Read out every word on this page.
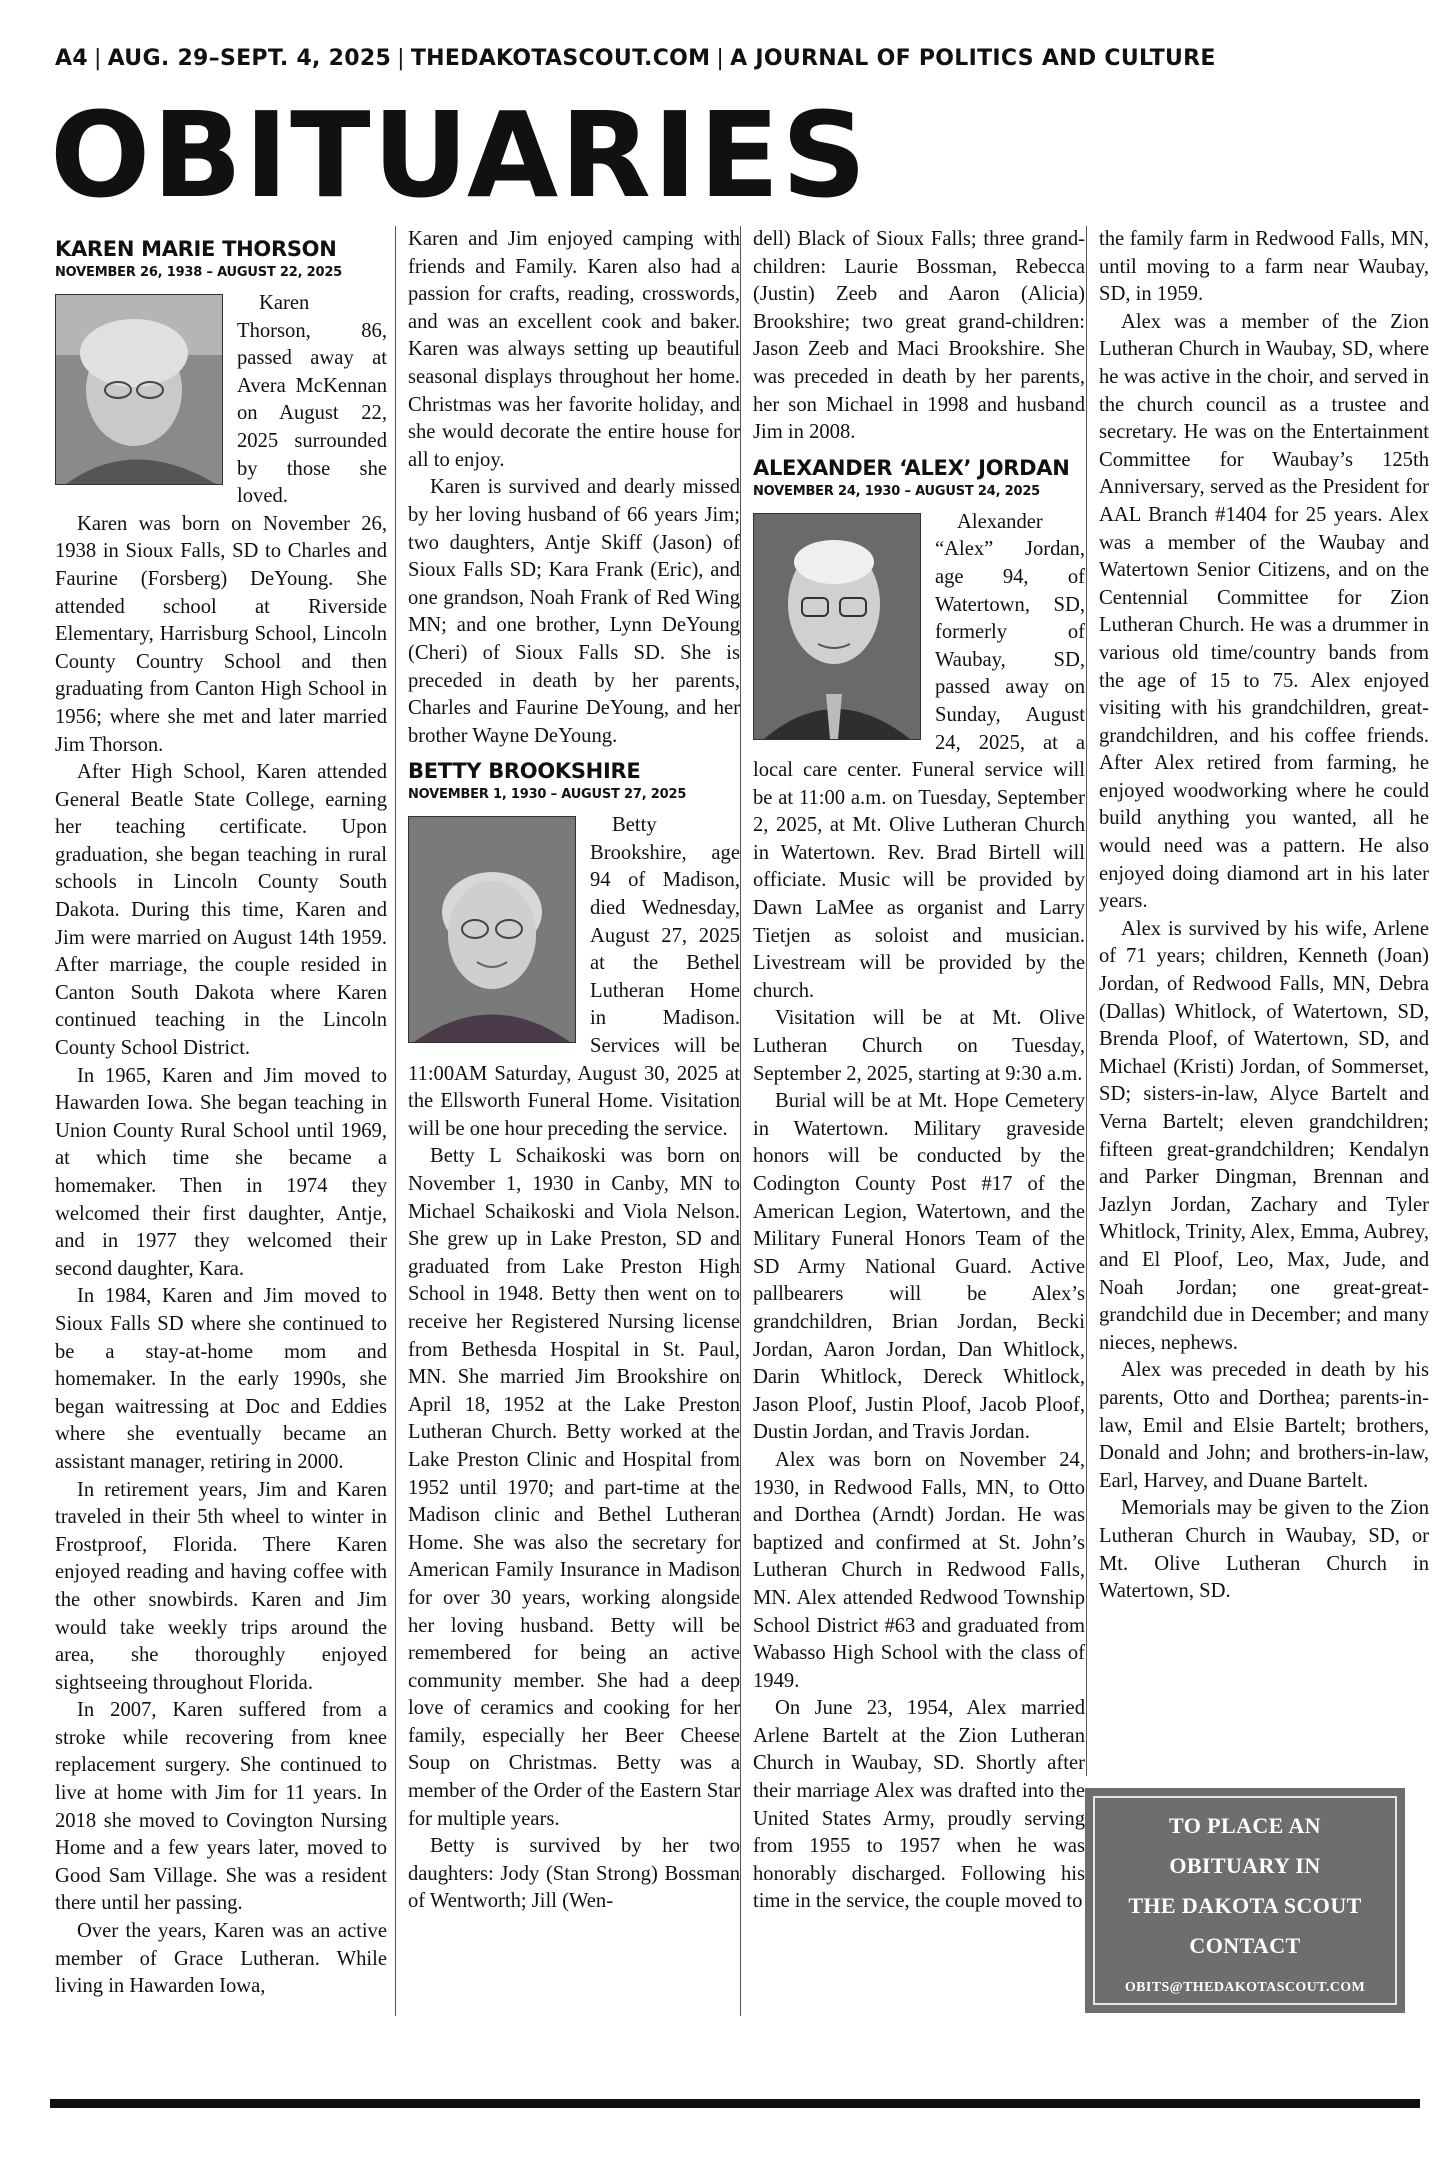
A4 | AUG. 29–SEPT. 4, 2025 | THEDAKOTASCOUT.COM | A JOURNAL OF POLITICS AND CULTURE
OBITUARIES
KAREN MARIE THORSON
NOVEMBER 26, 1938 – AUGUST 22, 2025

Karen Thorson, 86, passed away at Avera McKennan on August 22, 2025 surrounded by those she loved.

Karen was born on November 26, 1938 in Sioux Falls, SD to Charles and Faurine (Forsberg) DeYoung. She attended school at Riverside Elementary, Harrisburg School, Lincoln County Country School and then graduating from Canton High School in 1956; where she met and later married Jim Thorson.

After High School, Karen attended General Beatle State College, earning her teaching certificate. Upon graduation, she began teaching in rural schools in Lincoln County South Dakota. During this time, Karen and Jim were married on August 14th 1959. After marriage, the couple resided in Canton South Dakota where Karen continued teaching in the Lincoln County School District.

In 1965, Karen and Jim moved to Hawarden Iowa. She began teaching in Union County Rural School until 1969, at which time she became a homemaker. Then in 1974 they welcomed their first daughter, Antje, and in 1977 they welcomed their second daughter, Kara.

In 1984, Karen and Jim moved to Sioux Falls SD where she continued to be a stay-at-home mom and homemaker. In the early 1990s, she began waitressing at Doc and Eddies where she eventually became an assistant manager, retiring in 2000.

In retirement years, Jim and Karen traveled in their 5th wheel to winter in Frostproof, Florida. There Karen enjoyed reading and having coffee with the other snowbirds. Karen and Jim would take weekly trips around the area, she thoroughly enjoyed sightseeing throughout Florida.

In 2007, Karen suffered from a stroke while recovering from knee replacement surgery. She continued to live at home with Jim for 11 years. In 2018 she moved to Covington Nursing Home and a few years later, moved to Good Sam Village. She was a resident there until her passing.

Over the years, Karen was an active member of Grace Lutheran. While living in Hawarden Iowa,

Karen and Jim enjoyed camping with friends and Family. Karen also had a passion for crafts, reading, crosswords, and was an excellent cook and baker. Karen was always setting up beautiful seasonal displays throughout her home. Christmas was her favorite holiday, and she would decorate the entire house for all to enjoy.

Karen is survived and dearly missed by her loving husband of 66 years Jim; two daughters, Antje Skiff (Jason) of Sioux Falls SD; Kara Frank (Eric), and one grandson, Noah Frank of Red Wing MN; and one brother, Lynn DeYoung (Cheri) of Sioux Falls SD. She is preceded in death by her parents, Charles and Faurine DeYoung, and her brother Wayne DeYoung.

BETTY BROOKSHIRE
NOVEMBER 1, 1930 – AUGUST 27, 2025

Betty Brookshire, age 94 of Madison, died Wednesday, August 27, 2025 at the Bethel Lutheran Home in Madison. Services will be 11:00AM Saturday, August 30, 2025 at the Ellsworth Funeral Home. Visitation will be one hour preceding the service.

Betty L Schaikoski was born on November 1, 1930 in Canby, MN to Michael Schaikoski and Viola Nelson. She grew up in Lake Preston, SD and graduated from Lake Preston High School in 1948. Betty then went on to receive her Registered Nursing license from Bethesda Hospital in St. Paul, MN. She married Jim Brookshire on April 18, 1952 at the Lake Preston Lutheran Church. Betty worked at the Lake Preston Clinic and Hospital from 1952 until 1970; and part-time at the Madison clinic and Bethel Lutheran Home. She was also the secretary for American Family Insurance in Madison for over 30 years, working alongside her loving husband. Betty will be remembered for being an active community member. She had a deep love of ceramics and cooking for her family, especially her Beer Cheese Soup on Christmas. Betty was a member of the Order of the Eastern Star for multiple years.

Betty is survived by her two daughters: Jody (Stan Strong) Bossman of Wentworth; Jill (Wen-

dell) Black of Sioux Falls; three grand-children: Laurie Bossman, Rebecca (Justin) Zeeb and Aaron (Alicia) Brookshire; two great grand-children: Jason Zeeb and Maci Brookshire. She was preceded in death by her parents, her son Michael in 1998 and husband Jim in 2008.

ALEXANDER ‘ALEX’ JORDAN
NOVEMBER 24, 1930 – AUGUST 24, 2025

Alexander “Alex” Jordan, age 94, of Watertown, SD, formerly of Waubay, SD, passed away on Sunday, August 24, 2025, at a local care center. Funeral service will be at 11:00 a.m. on Tuesday, September 2, 2025, at Mt. Olive Lutheran Church in Watertown. Rev. Brad Birtell will officiate. Music will be provided by Dawn LaMee as organist and Larry Tietjen as soloist and musician. Livestream will be provided by the church.

Visitation will be at Mt. Olive Lutheran Church on Tuesday, September 2, 2025, starting at 9:30 a.m.

Burial will be at Mt. Hope Cemetery in Watertown. Military graveside honors will be conducted by the Codington County Post #17 of the American Legion, Watertown, and the Military Funeral Honors Team of the SD Army National Guard. Active pallbearers will be Alex’s grandchildren, Brian Jordan, Becki Jordan, Aaron Jordan, Dan Whitlock, Darin Whitlock, Dereck Whitlock, Jason Ploof, Justin Ploof, Jacob Ploof, Dustin Jordan, and Travis Jordan.

Alex was born on November 24, 1930, in Redwood Falls, MN, to Otto and Dorthea (Arndt) Jordan. He was baptized and confirmed at St. John’s Lutheran Church in Redwood Falls, MN. Alex attended Redwood Township School District #63 and graduated from Wabasso High School with the class of 1949.

On June 23, 1954, Alex married Arlene Bartelt at the Zion Lutheran Church in Waubay, SD. Shortly after their marriage Alex was drafted into the United States Army, proudly serving from 1955 to 1957 when he was honorably discharged. Following his time in the service, the couple moved to

the family farm in Redwood Falls, MN, until moving to a farm near Waubay, SD, in 1959.

Alex was a member of the Zion Lutheran Church in Waubay, SD, where he was active in the choir, and served in the church council as a trustee and secretary. He was on the Entertainment Committee for Waubay’s 125th Anniversary, served as the President for AAL Branch #1404 for 25 years. Alex was a member of the Waubay and Watertown Senior Citizens, and on the Centennial Committee for Zion Lutheran Church. He was a drummer in various old time/country bands from the age of 15 to 75. Alex enjoyed visiting with his grandchildren, great-grandchildren, and his coffee friends. After Alex retired from farming, he enjoyed woodworking where he could build anything you wanted, all he would need was a pattern. He also enjoyed doing diamond art in his later years.

Alex is survived by his wife, Arlene of 71 years; children, Kenneth (Joan) Jordan, of Redwood Falls, MN, Debra (Dallas) Whitlock, of Watertown, SD, Brenda Ploof, of Watertown, SD, and Michael (Kristi) Jordan, of Sommerset, SD; sisters-in-law, Alyce Bartelt and Verna Bartelt; eleven grandchildren; fifteen great-grandchildren; Kendalyn and Parker Dingman, Brennan and Jazlyn Jordan, Zachary and Tyler Whitlock, Trinity, Alex, Emma, Aubrey, and El Ploof, Leo, Max, Jude, and Noah Jordan; one great-great-grandchild due in December; and many nieces, nephews.

Alex was preceded in death by his parents, Otto and Dorthea; parents-in-law, Emil and Elsie Bartelt; brothers, Donald and John; and brothers-in-law, Earl, Harvey, and Duane Bartelt.

Memorials may be given to the Zion Lutheran Church in Waubay, SD, or Mt. Olive Lutheran Church in Watertown, SD.

TO PLACE AN
OBITUARY IN
THE DAKOTA SCOUT
CONTACT
OBITS@THEDAKOTASCOUT.COM
